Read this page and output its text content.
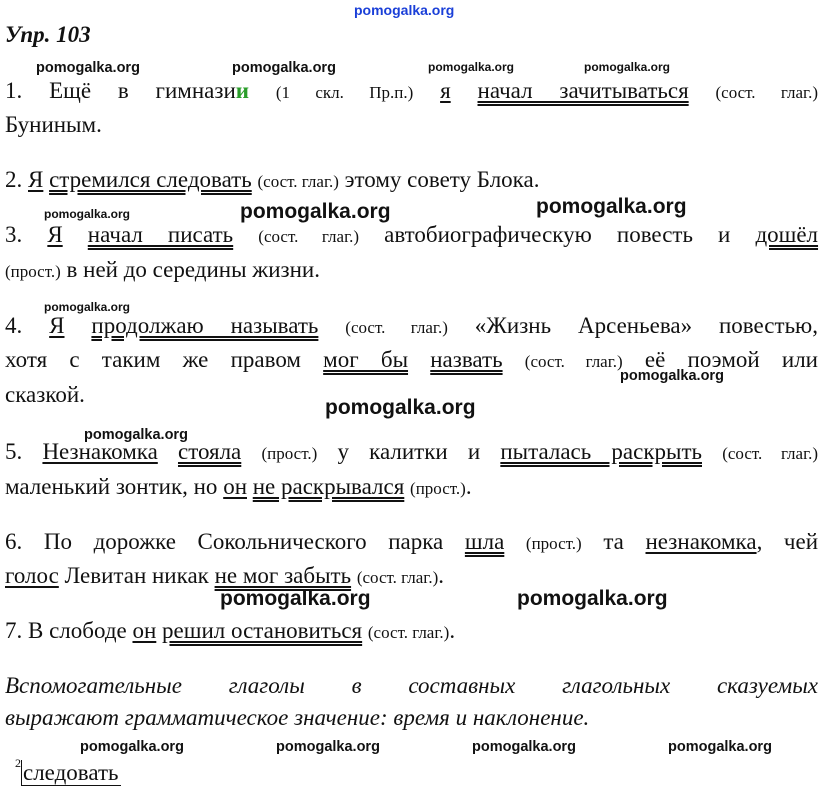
pomogalka.org
Упр. 103
pomogalka.org	pomogalka.org	pomogalka.org	pomogalka.org
1. Ещё в гимназии (1 скл. Пр.п.) я начал зачитываться (сост. глаг.)
Буниным.
2. Я стремился следовать (сост. глаг.) этому совету Блока.
pomogalka.org	pomogalka.org	pomogalka.org
3. Я начал писать (сост. глаг.) автобиографическую повесть и дошёл
(прост.) в ней до середины жизни.
pomogalka.org
4. Я продолжаю называть (сост. глаг.) «Жизнь Арсеньева» повестью,
хотя с таким же правом мог бы назвать (сост. глаг.) её поэмой или
pomogalka.org
сказкой.
pomogalka.org
pomogalka.org
5. Незнакомка стояла (прост.) у калитки и пыталась раскрыть (сост. глаг.)
маленький зонтик, но он не раскрывался (прост.).
6. По дорожке Сокольнического парка шла (прост.) та незнакомка, чей
голос Левитан никак не мог забыть (сост. глаг.).
pomogalka.org	pomogalka.org
7. В слободе он решил остановиться (сост. глаг.).
Вспомогательные глаголы в составных глагольных сказуемых
выражают грамматическое значение: время и наклонение.
pomogalka.org	pomogalka.org	pomogalka.org	pomogalka.org
$^2$следовать
